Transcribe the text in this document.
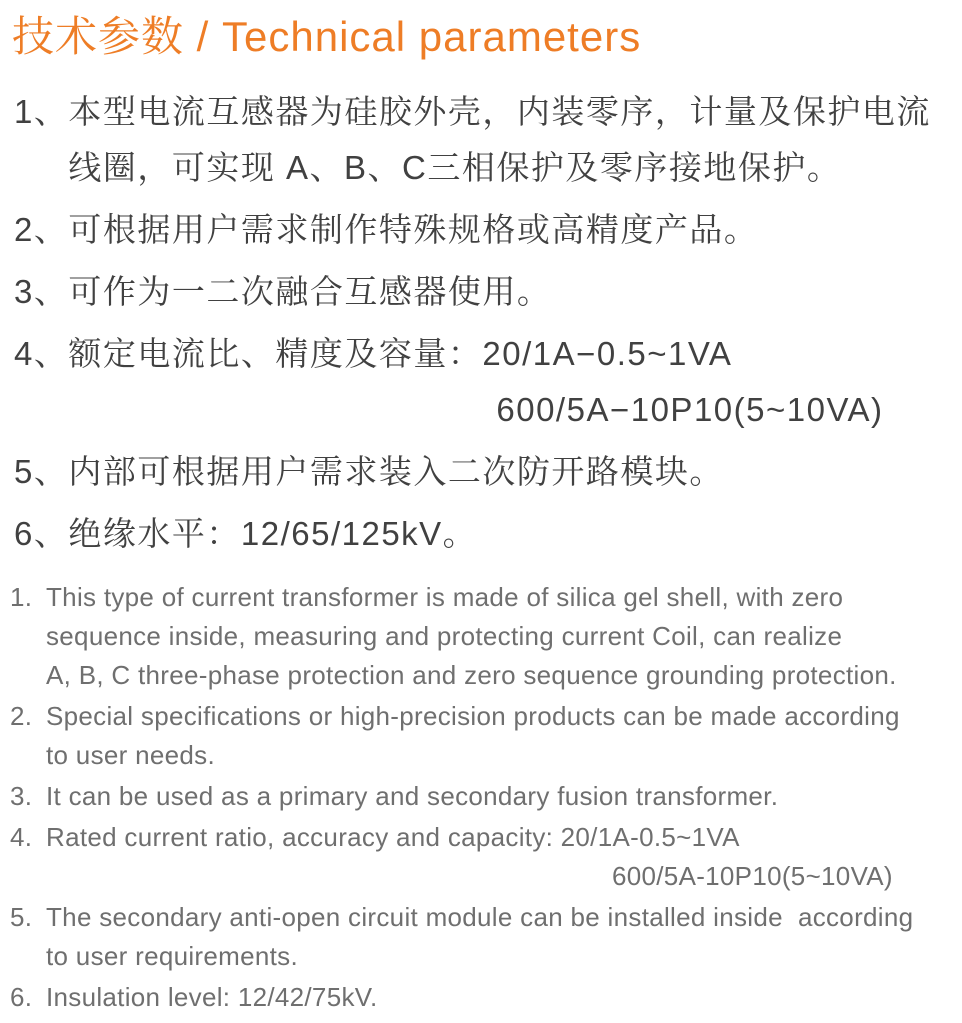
技术参数 / Technical parameters
1、 本型电流互感器为硅胶外壳，内装零序，计量及保护电流
线圈，可实现 A、B、C三相保护及零序接地保护。
2、 可根据用户需求制作特殊规格或高精度产品。
3、 可作为一二次融合互感器使用。
4、 额定电流比、精度及容量：20/1A−0.5~1VA
600/5A−10P10(5~10VA)
5、 内部可根据用户需求装入二次防开路模块。
6、 绝缘水平：12/65/125kV。
1. This type of current transformer is made of silica gel shell, with zero
sequence inside, measuring and protecting current Coil, can realize
A, B, C three-phase protection and zero sequence grounding protection.
2. Special specifications or high-precision products can be made according
to user needs.
3. It can be used as a primary and secondary fusion transformer.
4. Rated current ratio, accuracy and capacity: 20/1A-0.5~1VA
600/5A-10P10(5~10VA)
5. The secondary anti-open circuit module can be installed inside  according
to user requirements.
6. Insulation level: 12/42/75kV.
